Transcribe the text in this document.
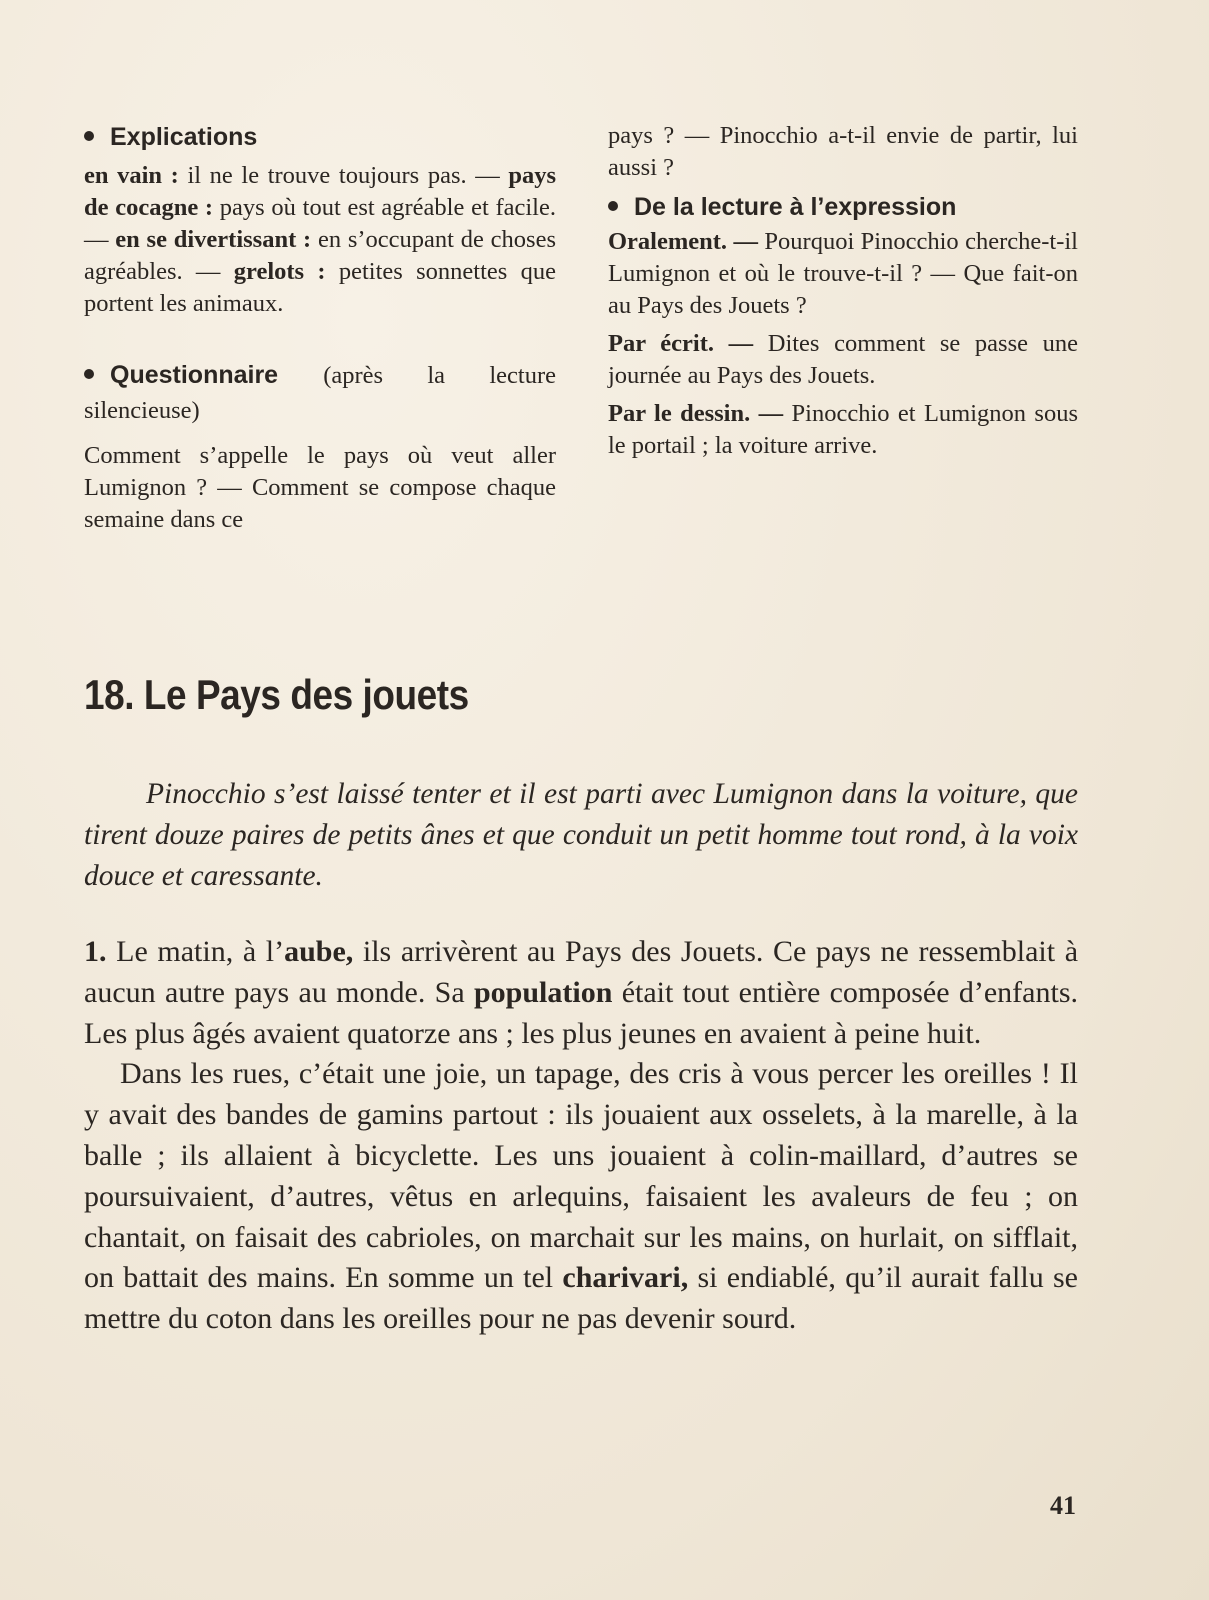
Explications

en vain : il ne le trouve toujours pas. — pays de cocagne : pays où tout est agréable et facile. — en se divertissant : en s’occupant de choses agréables. — grelots : petites sonnettes que portent les animaux.

Questionnaire (après la lecture silencieuse)

Comment s’appelle le pays où veut aller Lumignon ? — Comment se compose chaque semaine dans ce

pays ? — Pinocchio a-t-il envie de partir, lui aussi ?

De la lecture à l’expression

Oralement. — Pourquoi Pinocchio cherche-t-il Lumignon et où le trouve-t-il ? — Que fait-on au Pays des Jouets ?

Par écrit. — Dites comment se passe une journée au Pays des Jouets.

Par le dessin. — Pinocchio et Lumignon sous le portail ; la voiture arrive.

18. Le Pays des jouets

Pinocchio s’est laissé tenter et il est parti avec Lumignon dans la voiture, que tirent douze paires de petits ânes et que conduit un petit homme tout rond, à la voix douce et caressante.

1. Le matin, à l’aube, ils arrivèrent au Pays des Jouets. Ce pays ne ressemblait à aucun autre pays au monde. Sa population était tout entière composée d’enfants. Les plus âgés avaient quatorze ans ; les plus jeunes en avaient à peine huit.

Dans les rues, c’était une joie, un tapage, des cris à vous percer les oreilles ! Il y avait des bandes de gamins partout : ils jouaient aux osselets, à la marelle, à la balle ; ils allaient à bicyclette. Les uns jouaient à colin-maillard, d’autres se poursuivaient, d’autres, vêtus en arlequins, faisaient les avaleurs de feu ; on chantait, on faisait des cabrioles, on marchait sur les mains, on hurlait, on sifflait, on battait des mains. En somme un tel charivari, si endiablé, qu’il aurait fallu se mettre du coton dans les oreilles pour ne pas devenir sourd.

41
